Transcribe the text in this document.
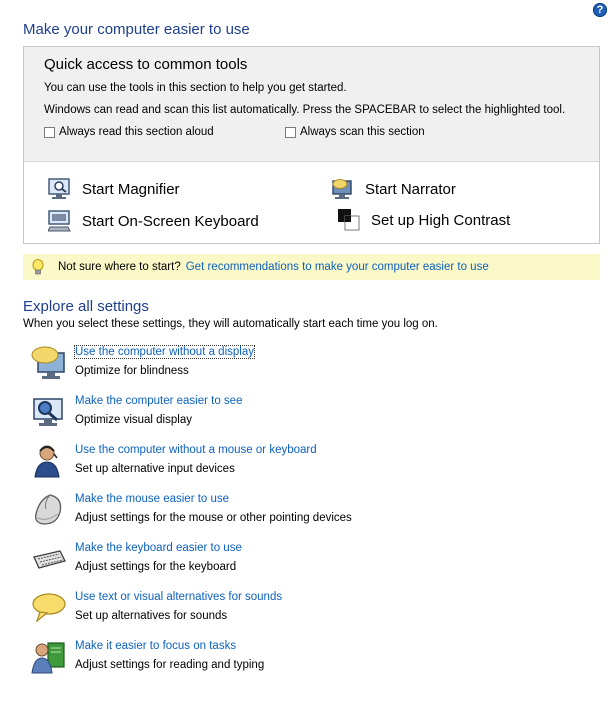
?
Make your computer easier to use
Quick access to common tools
You can use the tools in this section to help you get started.
Windows can read and scan this list automatically. Press the SPACEBAR to select the highlighted tool.
Always read this section aloud	Always scan this section
Start Magnifier	Start Narrator
Start On-Screen Keyboard	Set up High Contrast
Not sure where to start? Get recommendations to make your computer easier to use
Explore all settings
When you select these settings, they will automatically start each time you log on.
Use the computer without a display
Optimize for blindness
Make the computer easier to see
Optimize visual display
Use the computer without a mouse or keyboard
Set up alternative input devices
Make the mouse easier to use
Adjust settings for the mouse or other pointing devices
Make the keyboard easier to use
Adjust settings for the keyboard
Use text or visual alternatives for sounds
Set up alternatives for sounds
Make it easier to focus on tasks
Adjust settings for reading and typing
